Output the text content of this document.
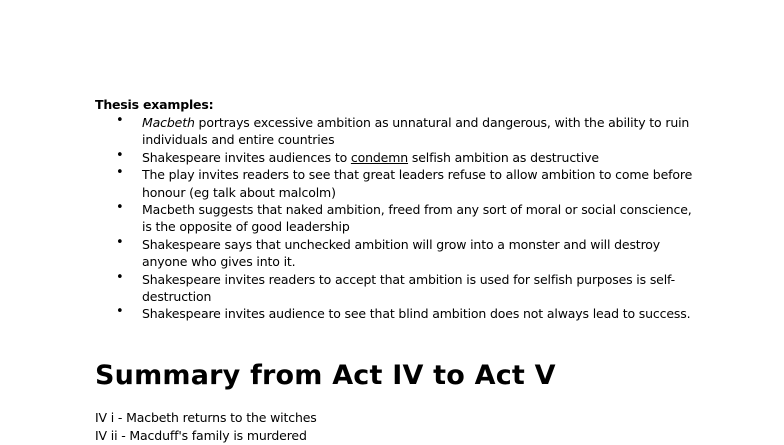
Thesis examples:
• Macbeth portrays excessive ambition as unnatural and dangerous, with the ability to ruin individuals and entire countries
• Shakespeare invites audiences to condemn selfish ambition as destructive
• The play invites readers to see that great leaders refuse to allow ambition to come before honour (eg talk about malcolm)
• Macbeth suggests that naked ambition, freed from any sort of moral or social conscience, is the opposite of good leadership
• Shakespeare says that unchecked ambition will grow into a monster and will destroy anyone who gives into it.
• Shakespeare invites readers to accept that ambition is used for selfish purposes is self-destruction
• Shakespeare invites audience to see that blind ambition does not always lead to success.
Summary from Act IV to Act V
IV i - Macbeth returns to the witches
IV ii - Macduff's family is murdered
